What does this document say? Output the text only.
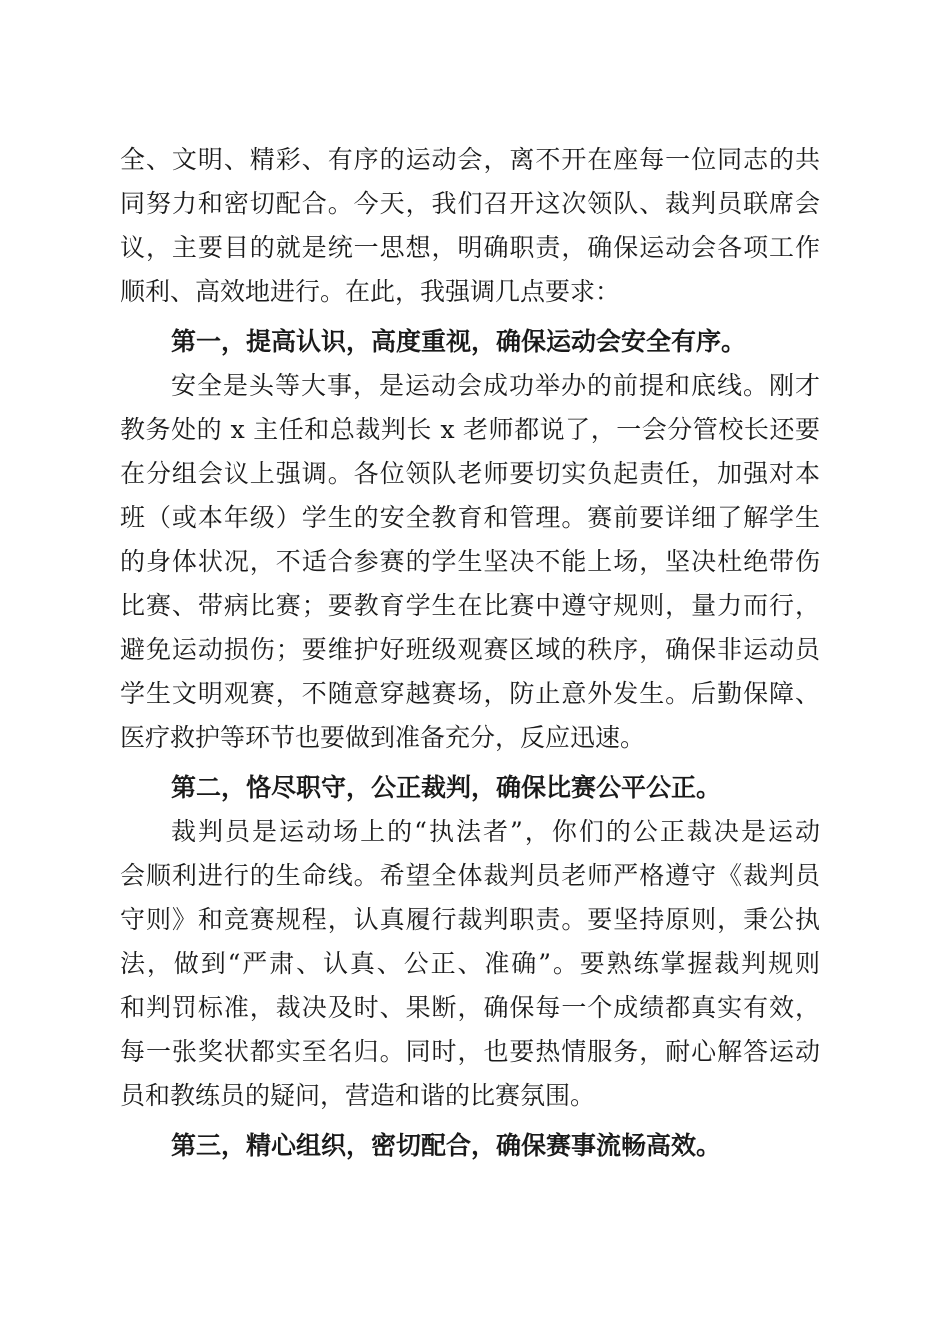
全、文明、精彩、有序的运动会，离不开在座每一位同志的共
同努力和密切配合。今天，我们召开这次领队、裁判员联席会
议，主要目的就是统一思想，明确职责，确保运动会各项工作
顺利、高效地进行。在此，我强调几点要求：
第一，提高认识，高度重视，确保运动会安全有序。
安全是头等大事，是运动会成功举办的前提和底线。刚才
教务处的 x 主任和总裁判长 x 老师都说了，一会分管校长还要
在分组会议上强调。各位领队老师要切实负起责任，加强对本
班（或本年级）学生的安全教育和管理。赛前要详细了解学生
的身体状况，不适合参赛的学生坚决不能上场，坚决杜绝带伤
比赛、带病比赛；要教育学生在比赛中遵守规则，量力而行，
避免运动损伤；要维护好班级观赛区域的秩序，确保非运动员
学生文明观赛，不随意穿越赛场，防止意外发生。后勤保障、
医疗救护等环节也要做到准备充分，反应迅速。
第二，恪尽职守，公正裁判，确保比赛公平公正。
裁判员是运动场上的“执法者”，你们的公正裁决是运动
会顺利进行的生命线。希望全体裁判员老师严格遵守《裁判员
守则》和竞赛规程，认真履行裁判职责。要坚持原则，秉公执
法，做到“严肃、认真、公正、准确”。要熟练掌握裁判规则
和判罚标准，裁决及时、果断，确保每一个成绩都真实有效，
每一张奖状都实至名归。同时，也要热情服务，耐心解答运动
员和教练员的疑问，营造和谐的比赛氛围。
第三，精心组织，密切配合，确保赛事流畅高效。
